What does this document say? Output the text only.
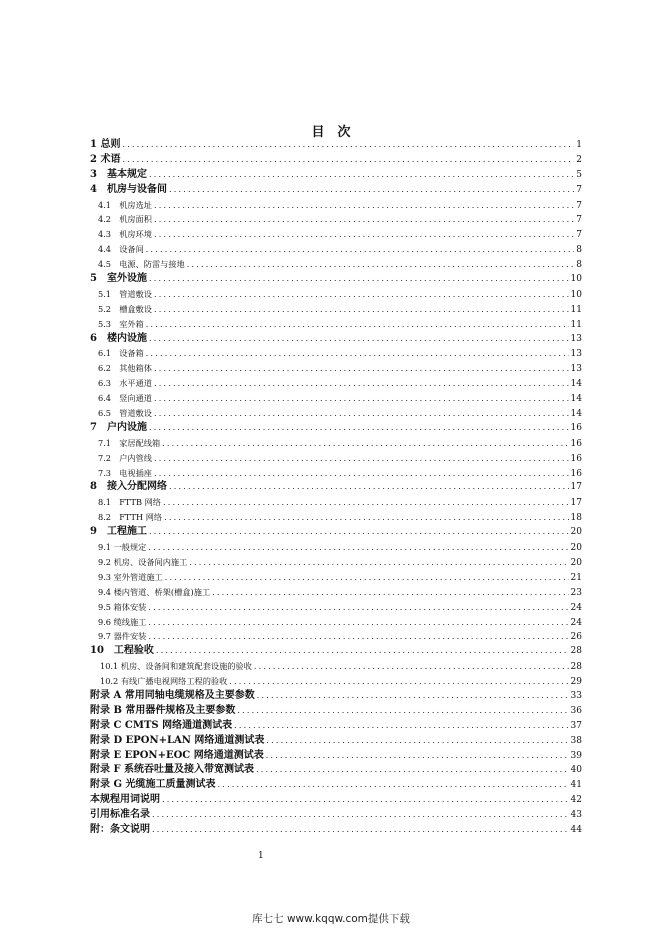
目　次
1 总则 .....	1
2 术语 .....	2
3　基本规定 .....	5
4　机房与设备间 .....	7
4.1　机房选址 .....	7
4.2　机房面积 .....	7
4.3　机房环境 .....	7
4.4　设备间 .....	8
4.5　电源、防雷与接地 .....	8
5　室外设施 .....	10
5.1　管道敷设 .....	10
5.2　槽盒敷设 .....	11
5.3　室外箱 .....	11
6　楼内设施 .....	13
6.1　设备箱 .....	13
6.2　其他箱体 .....	13
6.3　水平通道 .....	14
6.4　竖向通道 .....	14
6.5　管道敷设 .....	14
7　户内设施 .....	16
7.1　家居配线箱 .....	16
7.2　户内管线 .....	16
7.3　电视插座 .....	16
8　接入分配网络 .....	17
8.1　FTTB 网络 .....	17
8.2　FTTH 网络 .....	18
9　工程施工 .....	20
9.1 一般规定 .....	20
9.2 机房、设备间内施工 .....	20
9.3 室外管道施工 .....	21
9.4 楼内管道、桥架(槽盒)施工 .....	23
9.5 箱体安装 .....	24
9.6 缆线施工 .....	24
9.7 器件安装 .....	26
10　工程验收 .....	28
10.1 机房、设备间和建筑配套设施的验收 .....	28
10.2 有线广播电视网络工程的验收 .....	29
附录 A 常用同轴电缆规格及主要参数 .....	33
附录 B 常用器件规格及主要参数 .....	36
附录 C CMTS 网络通道测试表 .....	37
附录 D EPON+LAN 网络通道测试表 .....	38
附录 E EPON+EOC 网络通道测试表 .....	39
附录 F 系统吞吐量及接入带宽测试表 .....	40
附录 G 光缆施工质量测试表 .....	41
本规程用词说明 .....	42
引用标准名录 .....	43
附：条文说明 .....	44
1
库七七 www.kqqw.com提供下载
